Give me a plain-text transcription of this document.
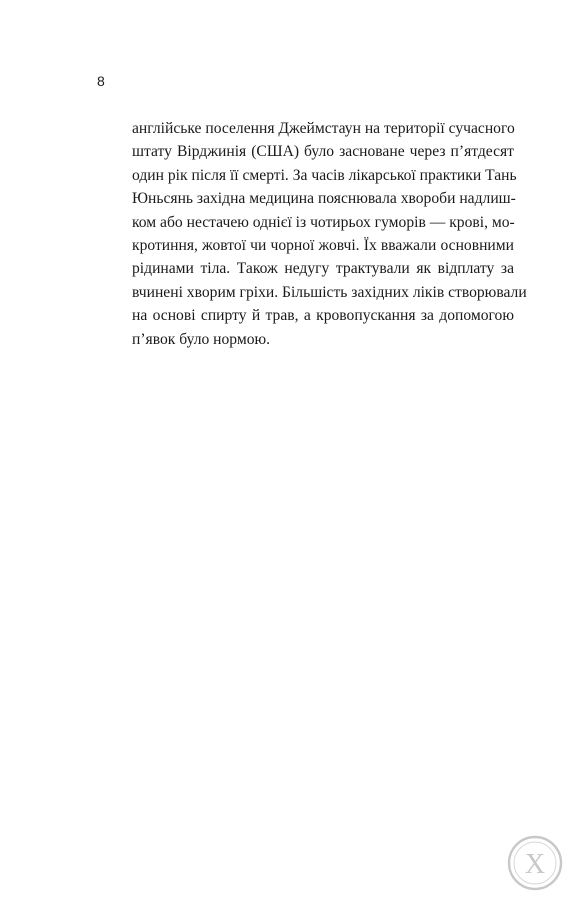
8
англійське поселення Джеймстаун на території сучасного
штату Вірджинія (США) було засноване через п’ятдесят
один рік після її смерті. За часів лікарської практики Тань
Юньсянь західна медицина пояснювала хвороби надлиш-
ком або нестачею однієї із чотирьох гуморів — крові, мо-
кротиння, жовтої чи чорної жовчі. Їх вважали основними
рідинами тіла. Також недугу трактували як відплату за
вчинені хворим гріхи. Більшість західних ліків створювали
на основі спирту й трав, а кровопускання за допомогою
п’явок було нормою.
X
